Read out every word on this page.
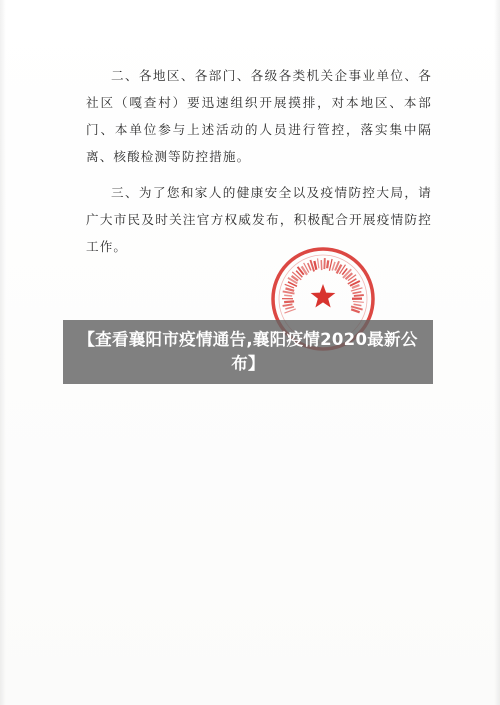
二、各地区、各部门、各级各类机关企事业单位、各社区（嘎查村）要迅速组织开展摸排，对本地区、本部门、本单位参与上述活动的人员进行管控，落实集中隔离、核酸检测等防控措施。

三、为了您和家人的健康安全以及疫情防控大局，请广大市民及时关注官方权威发布，积极配合开展疫情防控工作。

【查看襄阳市疫情通告,襄阳疫情2020最新公布】
